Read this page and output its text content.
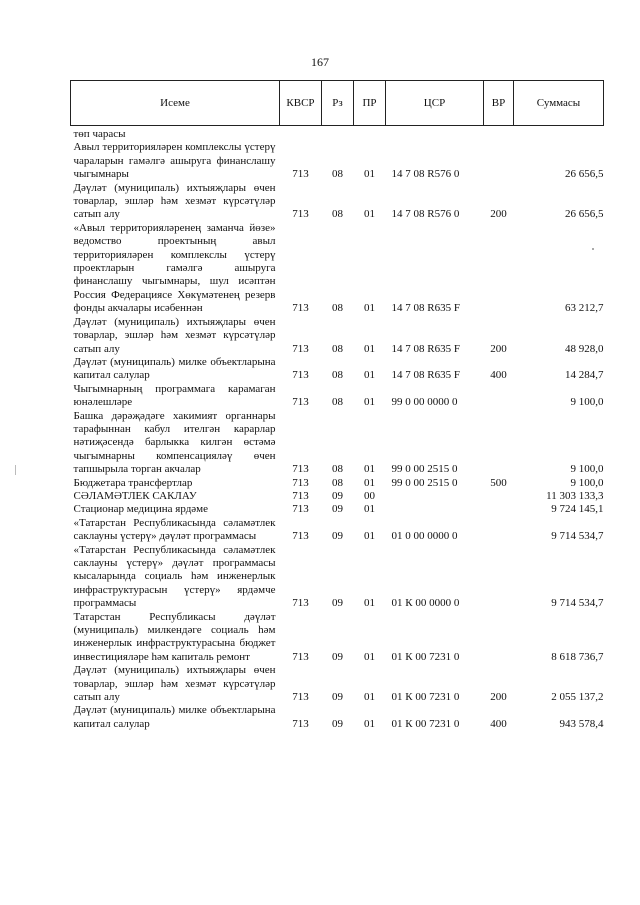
167
Исеме	КВСР	Рз	ПР	ЦСР	ВР	Суммасы
төп чарасы						
Авыл территорияләрен комплекслы үстерү чараларын гамәлгә ашыруга финанслашу чыгымнары	713	08	01	14 7 08 R576 0		26 656,5
Дәүләт (муниципаль) ихтыяҗлары өчен товарлар, эшләр һәм хезмәт күрсәтүләр сатып алу	713	08	01	14 7 08 R576 0	200	26 656,5
«Авыл территорияләренең заманча йөзе» ведомство проектының авыл территорияләрен комплекслы үстерү проектларын гамәлгә ашыруга финанслашу чыгымнары, шул исәптән Россия Федерациясе Хөкүмәтенең резерв фонды акчалары исәбеннән	713	08	01	14 7 08 R635 F		63 212,7
Дәүләт (муниципаль) ихтыяҗлары өчен товарлар, эшләр һәм хезмәт күрсәтүләр сатып алу	713	08	01	14 7 08 R635 F	200	48 928,0
Дәүләт (муниципаль) милке объектларына капитал салулар	713	08	01	14 7 08 R635 F	400	14 284,7
Чыгымнарның программага карамаган юнәлешләре	713	08	01	99 0 00 0000 0		9 100,0
Башка дәрәҗәдәге хакимият органнары тарафыннан кабул ителгән карарлар нәтиҗәсендә барлыкка килгән өстәмә чыгымнарны компенсацияләү өчен тапшырыла торган акчалар	713	08	01	99 0 00 2515 0		9 100,0
Бюджетара трансфертлар	713	08	01	99 0 00 2515 0	500	9 100,0
СӘЛАМӘТЛЕК САКЛАУ	713	09	00			11 303 133,3
Стационар медицина ярдәме	713	09	01			9 724 145,1
«Татарстан Республикасында сәламәтлек саклауны үстерү» дәүләт программасы	713	09	01	01 0 00 0000 0		9 714 534,7
«Татарстан Республикасында сәламәтлек саклауны үстерү» дәүләт программасы кысаларында социаль һәм инженерлык инфраструктурасын үстерү» ярдәмче программасы	713	09	01	01 К 00 0000 0		9 714 534,7
Татарстан Республикасы дәүләт (муниципаль) милкендәге социаль һәм инженерлык инфраструктурасына бюджет инвестицияләре һәм капиталь ремонт	713	09	01	01 К 00 7231 0		8 618 736,7
Дәүләт (муниципаль) ихтыяҗлары өчен товарлар, эшләр һәм хезмәт күрсәтүләр сатып алу	713	09	01	01 К 00 7231 0	200	2 055 137,2
Дәүләт (муниципаль) милке объектларына капитал салулар	713	09	01	01 К 00 7231 0	400	943 578,4
